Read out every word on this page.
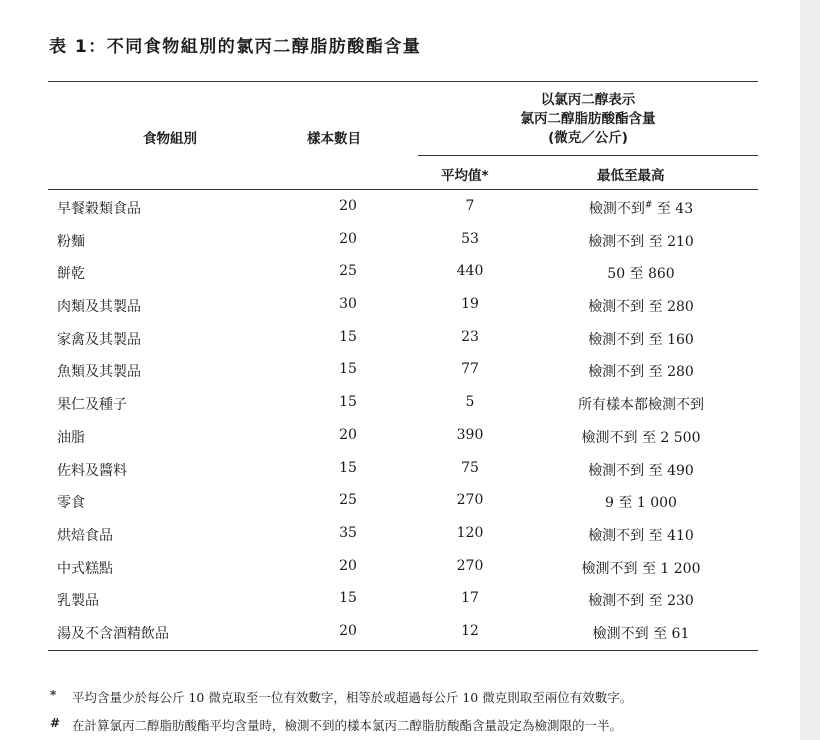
表 1：不同食物組別的氯丙二醇脂肪酸酯含量
食物組別	樣本數目
以氯丙二醇表示
氯丙二醇脂肪酸酯含量
(微克／公斤)
平均值*	最低至最高
早餐穀類食品	20	7	檢測不到# 至 43
粉麵	20	53	檢測不到 至 210
餅乾	25	440	50 至 860
肉類及其製品	30	19	檢測不到 至 280
家禽及其製品	15	23	檢測不到 至 160
魚類及其製品	15	77	檢測不到 至 280
果仁及種子	15	5	所有樣本都檢測不到
油脂	20	390	檢測不到 至 2 500
佐料及醬料	15	75	檢測不到 至 490
零食	25	270	9 至 1 000
烘焙食品	35	120	檢測不到 至 410
中式糕點	20	270	檢測不到 至 1 200
乳製品	15	17	檢測不到 至 230
湯及不含酒精飲品	20	12	檢測不到 至 61
* 平均含量少於每公斤 10 微克取至一位有效數字，相等於或超過每公斤 10 微克則取至兩位有效數字。
# 在計算氯丙二醇脂肪酸酯平均含量時，檢測不到的樣本氯丙二醇脂肪酸酯含量設定為檢測限的一半。
